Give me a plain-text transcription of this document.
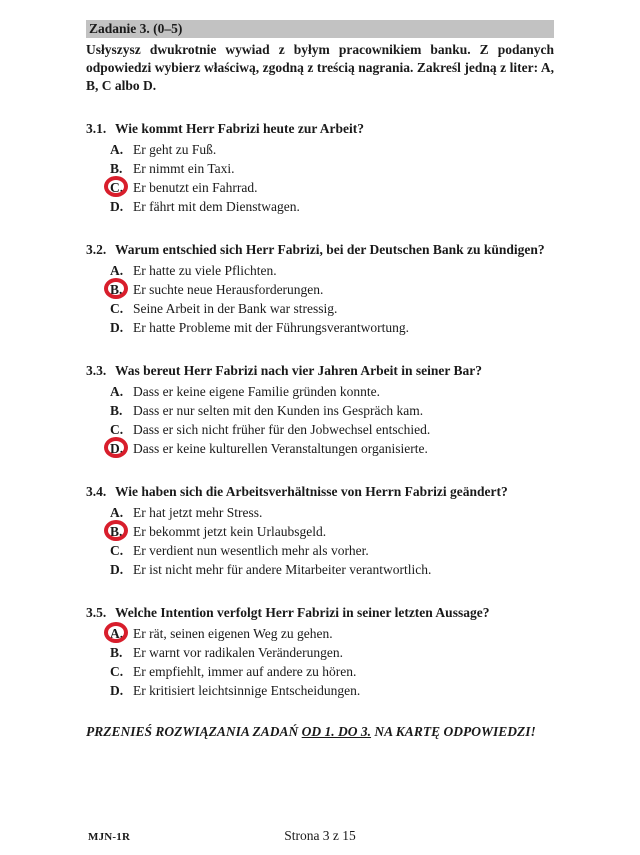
Zadanie 3. (0–5)
Usłyszysz dwukrotnie wywiad z byłym pracownikiem banku. Z podanych odpowiedzi wybierz właściwą, zgodną z treścią nagrania. Zakreśl jedną z liter: A, B, C albo D.
3.1. Wie kommt Herr Fabrizi heute zur Arbeit?
A. Er geht zu Fuß.
B. Er nimmt ein Taxi.
C. Er benutzt ein Fahrrad.
D. Er fährt mit dem Dienstwagen.
3.2. Warum entschied sich Herr Fabrizi, bei der Deutschen Bank zu kündigen?
A. Er hatte zu viele Pflichten.
B. Er suchte neue Herausforderungen.
C. Seine Arbeit in der Bank war stressig.
D. Er hatte Probleme mit der Führungsverantwortung.
3.3. Was bereut Herr Fabrizi nach vier Jahren Arbeit in seiner Bar?
A. Dass er keine eigene Familie gründen konnte.
B. Dass er nur selten mit den Kunden ins Gespräch kam.
C. Dass er sich nicht früher für den Jobwechsel entschied.
D. Dass er keine kulturellen Veranstaltungen organisierte.
3.4. Wie haben sich die Arbeitsverhältnisse von Herrn Fabrizi geändert?
A. Er hat jetzt mehr Stress.
B. Er bekommt jetzt kein Urlaubsgeld.
C. Er verdient nun wesentlich mehr als vorher.
D. Er ist nicht mehr für andere Mitarbeiter verantwortlich.
3.5. Welche Intention verfolgt Herr Fabrizi in seiner letzten Aussage?
A. Er rät, seinen eigenen Weg zu gehen.
B. Er warnt vor radikalen Veränderungen.
C. Er empfiehlt, immer auf andere zu hören.
D. Er kritisiert leichtsinnige Entscheidungen.
PRZENIEŚ ROZWIĄZANIA ZADAŃ OD 1. DO 3. NA KARTĘ ODPOWIEDZI!
MJN-1R	Strona 3 z 15
